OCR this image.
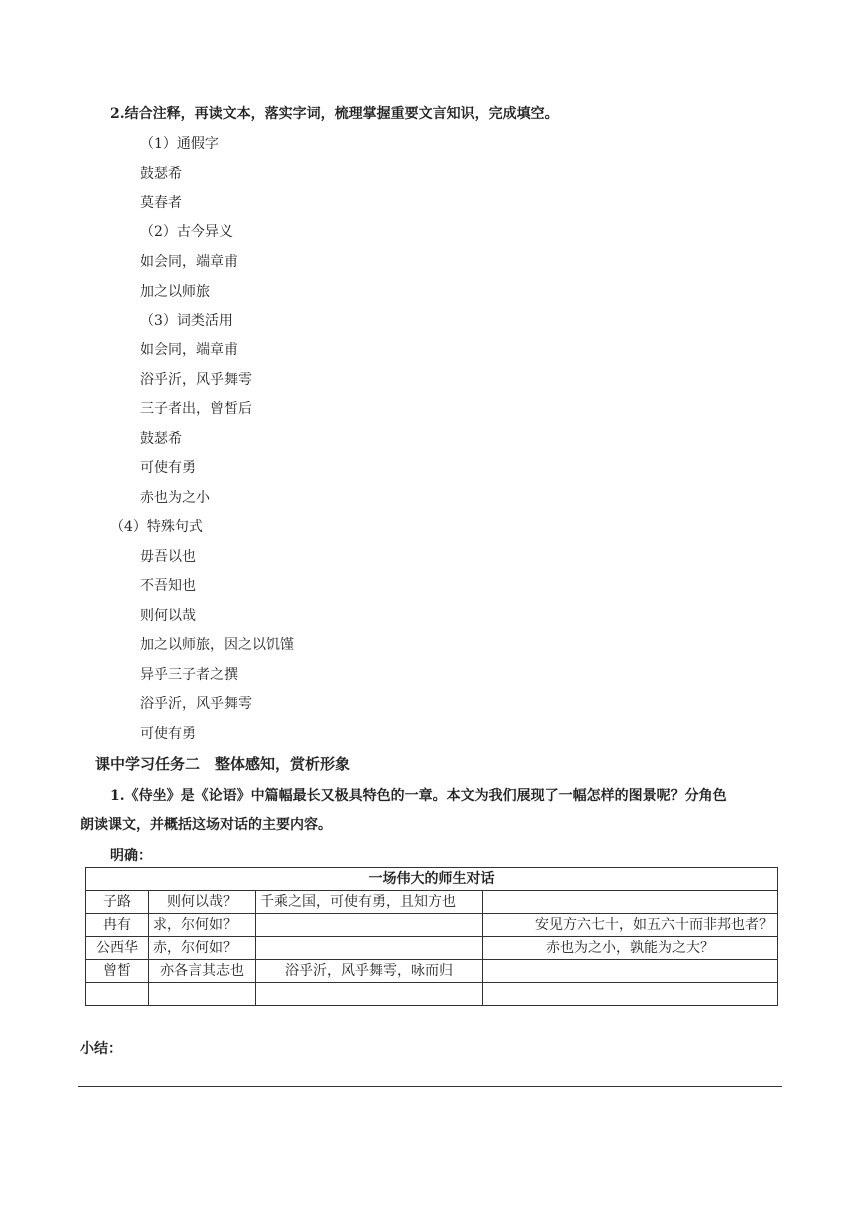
2.结合注释，再读文本，落实字词，梳理掌握重要文言知识，完成填空。
（1）通假字
鼓瑟希
莫春者
（2）古今异义
如会同，端章甫
加之以师旅
（3）词类活用
如会同，端章甫
浴乎沂，风乎舞雩
三子者出，曾皙后
鼓瑟希
可使有勇
赤也为之小
（4）特殊句式
毋吾以也
不吾知也
则何以哉
加之以师旅，因之以饥馑
异乎三子者之撰
浴乎沂，风乎舞雩
可使有勇
课中学习任务二　整体感知，赏析形象
1.《侍坐》是《论语》中篇幅最长又极具特色的一章。本文为我们展现了一幅怎样的图景呢？分角色
朗读课文，并概括这场对话的主要内容。
明确：
一场伟大的师生对话			
子路	则何以哉？	千乘之国，可使有勇，且知方也	
冉有	求，尔何如？		安见方六七十，如五六十而非邦也者？
公西华	赤，尔何如？		赤也为之小，孰能为之大？
曾皙	亦各言其志也	浴乎沂，风乎舞雩，咏而归	

小结：
